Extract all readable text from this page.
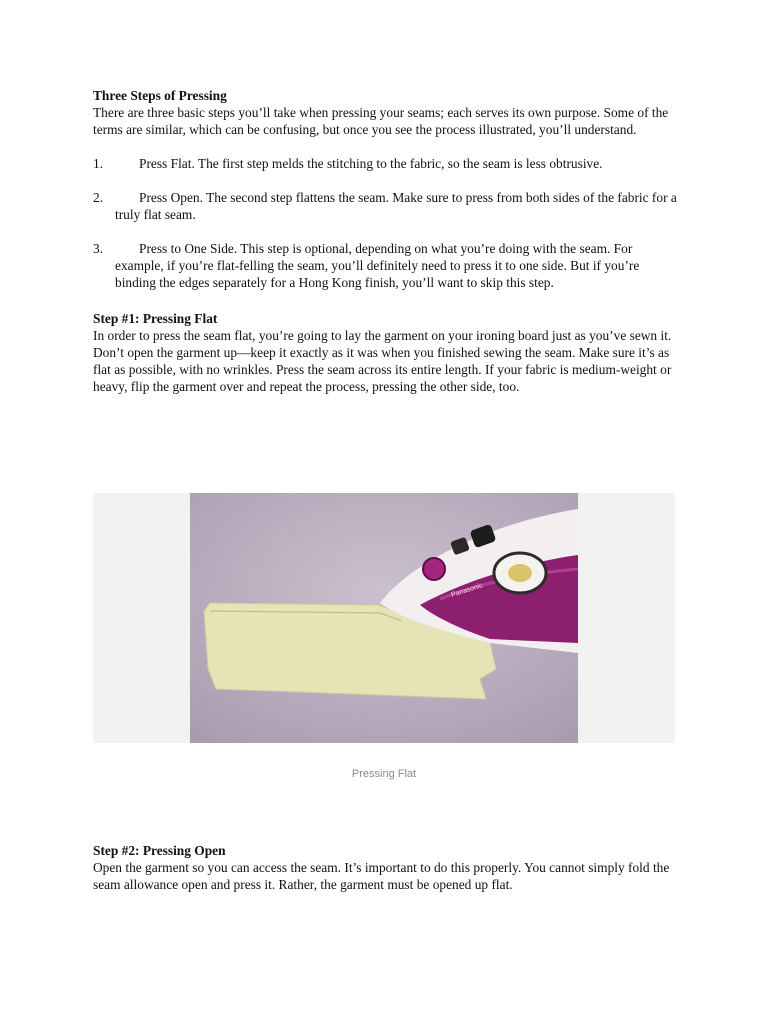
Three Steps of Pressing

There are three basic steps you’ll take when pressing your seams; each serves its own purpose. Some of the terms are similar, which can be confusing, but once you see the process illustrated, you’ll understand.

1.	Press Flat. The first step melds the stitching to the fabric, so the seam is less obtrusive.
2.	Press Open. The second step flattens the seam. Make sure to press from both sides of the fabric for a truly flat seam.
3.	Press to One Side. This step is optional, depending on what you’re doing with the seam. For example, if you’re flat-felling the seam, you’ll definitely need to press it to one side. But if you’re binding the edges separately for a Hong Kong finish, you’ll want to skip this step.
Step #1: Pressing Flat

In order to press the seam flat, you’re going to lay the garment on your ironing board just as you’ve sewn it. Don’t open the garment up—keep it exactly as it was when you finished sewing the seam. Make sure it’s as flat as possible, with no wrinkles. Press the seam across its entire length. If your fabric is medium-weight or heavy, flip the garment over and repeat the process, pressing the other side, too.

Panasonic
Pressing Flat
Step #2: Pressing Open

Open the garment so you can access the seam. It’s important to do this properly. You cannot simply fold the seam allowance open and press it. Rather, the garment must be opened up flat.
